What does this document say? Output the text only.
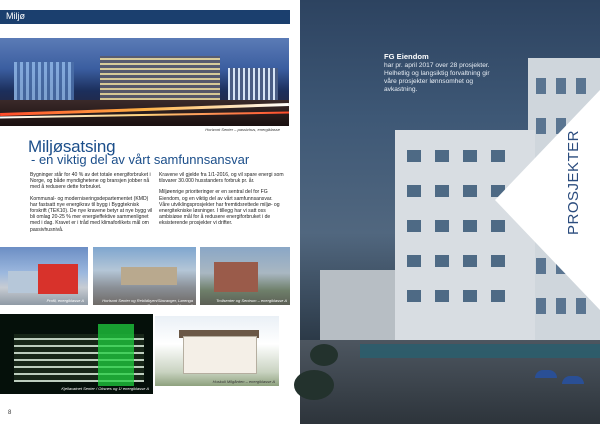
Miljø
Horizont Senter – passivhus, energiklasse
Miljøsatsing
- en viktig del av vårt samfunnsansvar

Bygninger står for 40 % av det totale energiforbruket i Norge, og både myndighetene og bransjen jobber nå med å redusere dette forbruket.

Kommunal- og moderniseringsdepartementet (KMD) har fastsatt nye energikrav til bygg i Byggteknisk forskrift (TEK10). De nye kravene betyr at nye bygg vil bli omlag 20-25 % mer energieffektive sammenlignet med i dag. Kravet er i tråd med klimaforlikets mål om passivhusnivå.

Kravene vil gjelde fra 1/1-2016, og vil spare energi som tilsvarer 30.000 husstanders forbruk pr. år.

Miljøenrige prioriteringer er en sentral del for FG Eiendom, og en viktig del av vårt samfunnsansvar. Våre utviklingsprosjekter har fremtidsrettede miljø- og energitekniske løsninger. I tillegg har vi satt oss ambisiøse mål for å redusere energiforbruket i de eksisterende prosjekter vi drifter.

Profil, energiklasse A	Horisont Senter og Rebildbyen/Stavanger, Lørenga Gaarden – energiklasse A
Trollsenter og Sentrum – energiklasse A
Kjellavatnet Senter / Oksnes og 1/ energiklasse A
Huskuli Mllgården – energiklasse A
8
PROSJEKTER
FG Eiendom
har pr. april 2017 over 28 prosjekter. Helhetlig og langsiktig forvaltning gir våre prosjekter lønnsomhet og avkastning.
